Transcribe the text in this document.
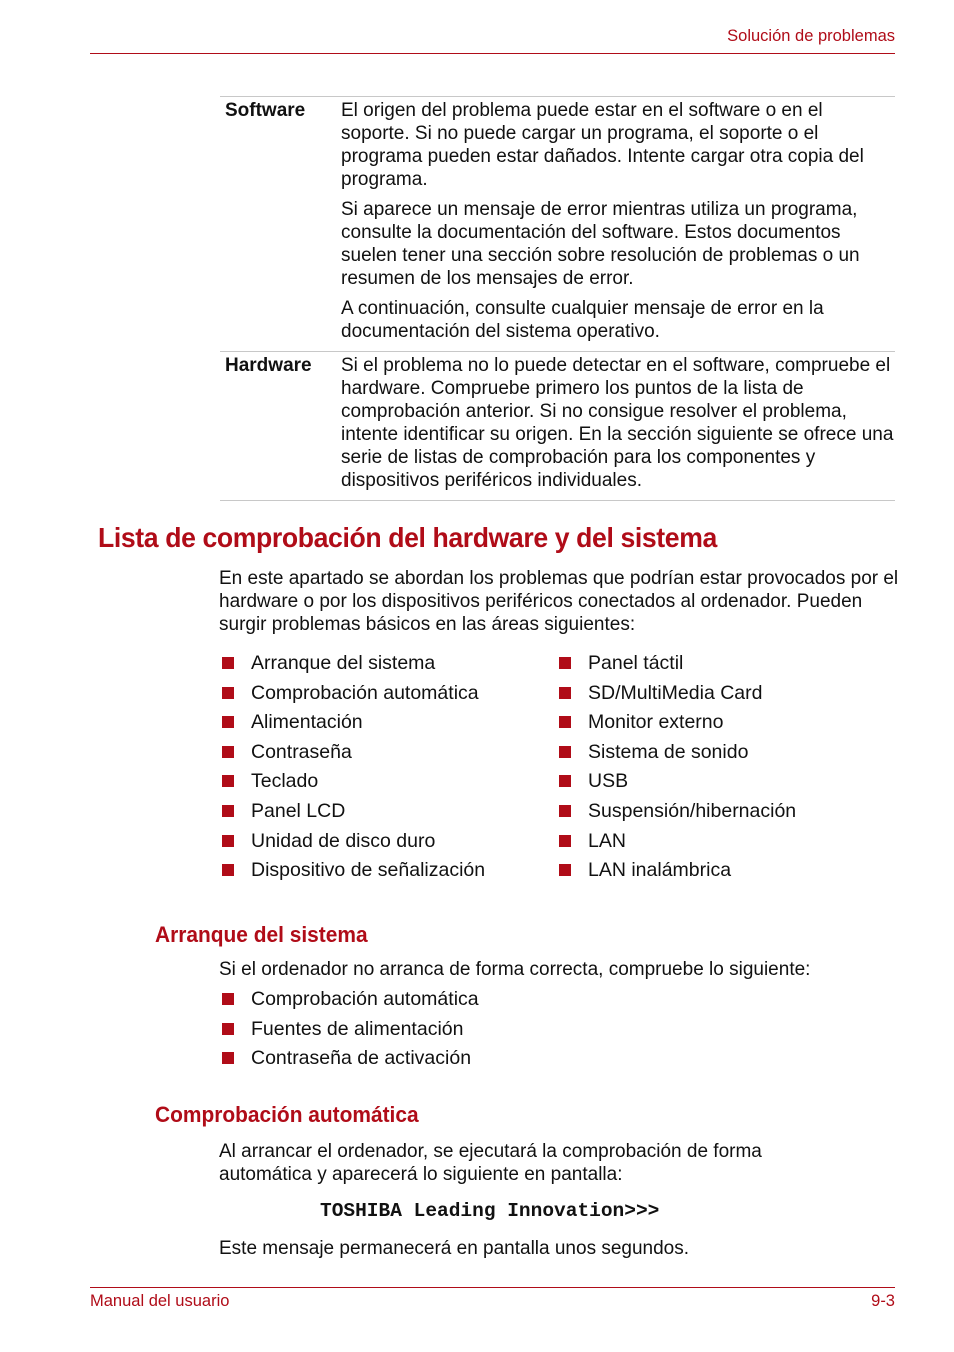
Solución de problemas
Software	El origen del problema puede estar en el software o en el soporte. Si no puede cargar un programa, el soporte o el programa pueden estar dañados. Intente cargar otra copia del programa.

Si aparece un mensaje de error mientras utiliza un programa, consulte la documentación del software. Estos documentos suelen tener una sección sobre resolución de problemas o un resumen de los mensajes de error.

A continuación, consulte cualquier mensaje de error en la documentación del sistema operativo.

Hardware	Si el problema no lo puede detectar en el software, compruebe el hardware. Compruebe primero los puntos de la lista de comprobación anterior. Si no consigue resolver el problema, intente identificar su origen. En la sección siguiente se ofrece una serie de listas de comprobación para los componentes y dispositivos periféricos individuales.

Lista de comprobación del hardware y del sistema
En este apartado se abordan los problemas que podrían estar provocados por el hardware o por los dispositivos periféricos conectados al ordenador. Pueden surgir problemas básicos en las áreas siguientes:
Arranque del sistema
Comprobación automática
Alimentación
Contraseña
Teclado
Panel LCD
Unidad de disco duro
Dispositivo de señalización
Panel táctil
SD/MultiMedia Card
Monitor externo
Sistema de sonido
USB
Suspensión/hibernación
LAN
LAN inalámbrica
Arranque del sistema
Si el ordenador no arranca de forma correcta, compruebe lo siguiente:
Comprobación automática
Fuentes de alimentación
Contraseña de activación
Comprobación automática
Al arrancar el ordenador, se ejecutará la comprobación de forma automática y aparecerá lo siguiente en pantalla:
TOSHIBA Leading Innovation>>>
Este mensaje permanecerá en pantalla unos segundos.
Manual del usuario	9-3
